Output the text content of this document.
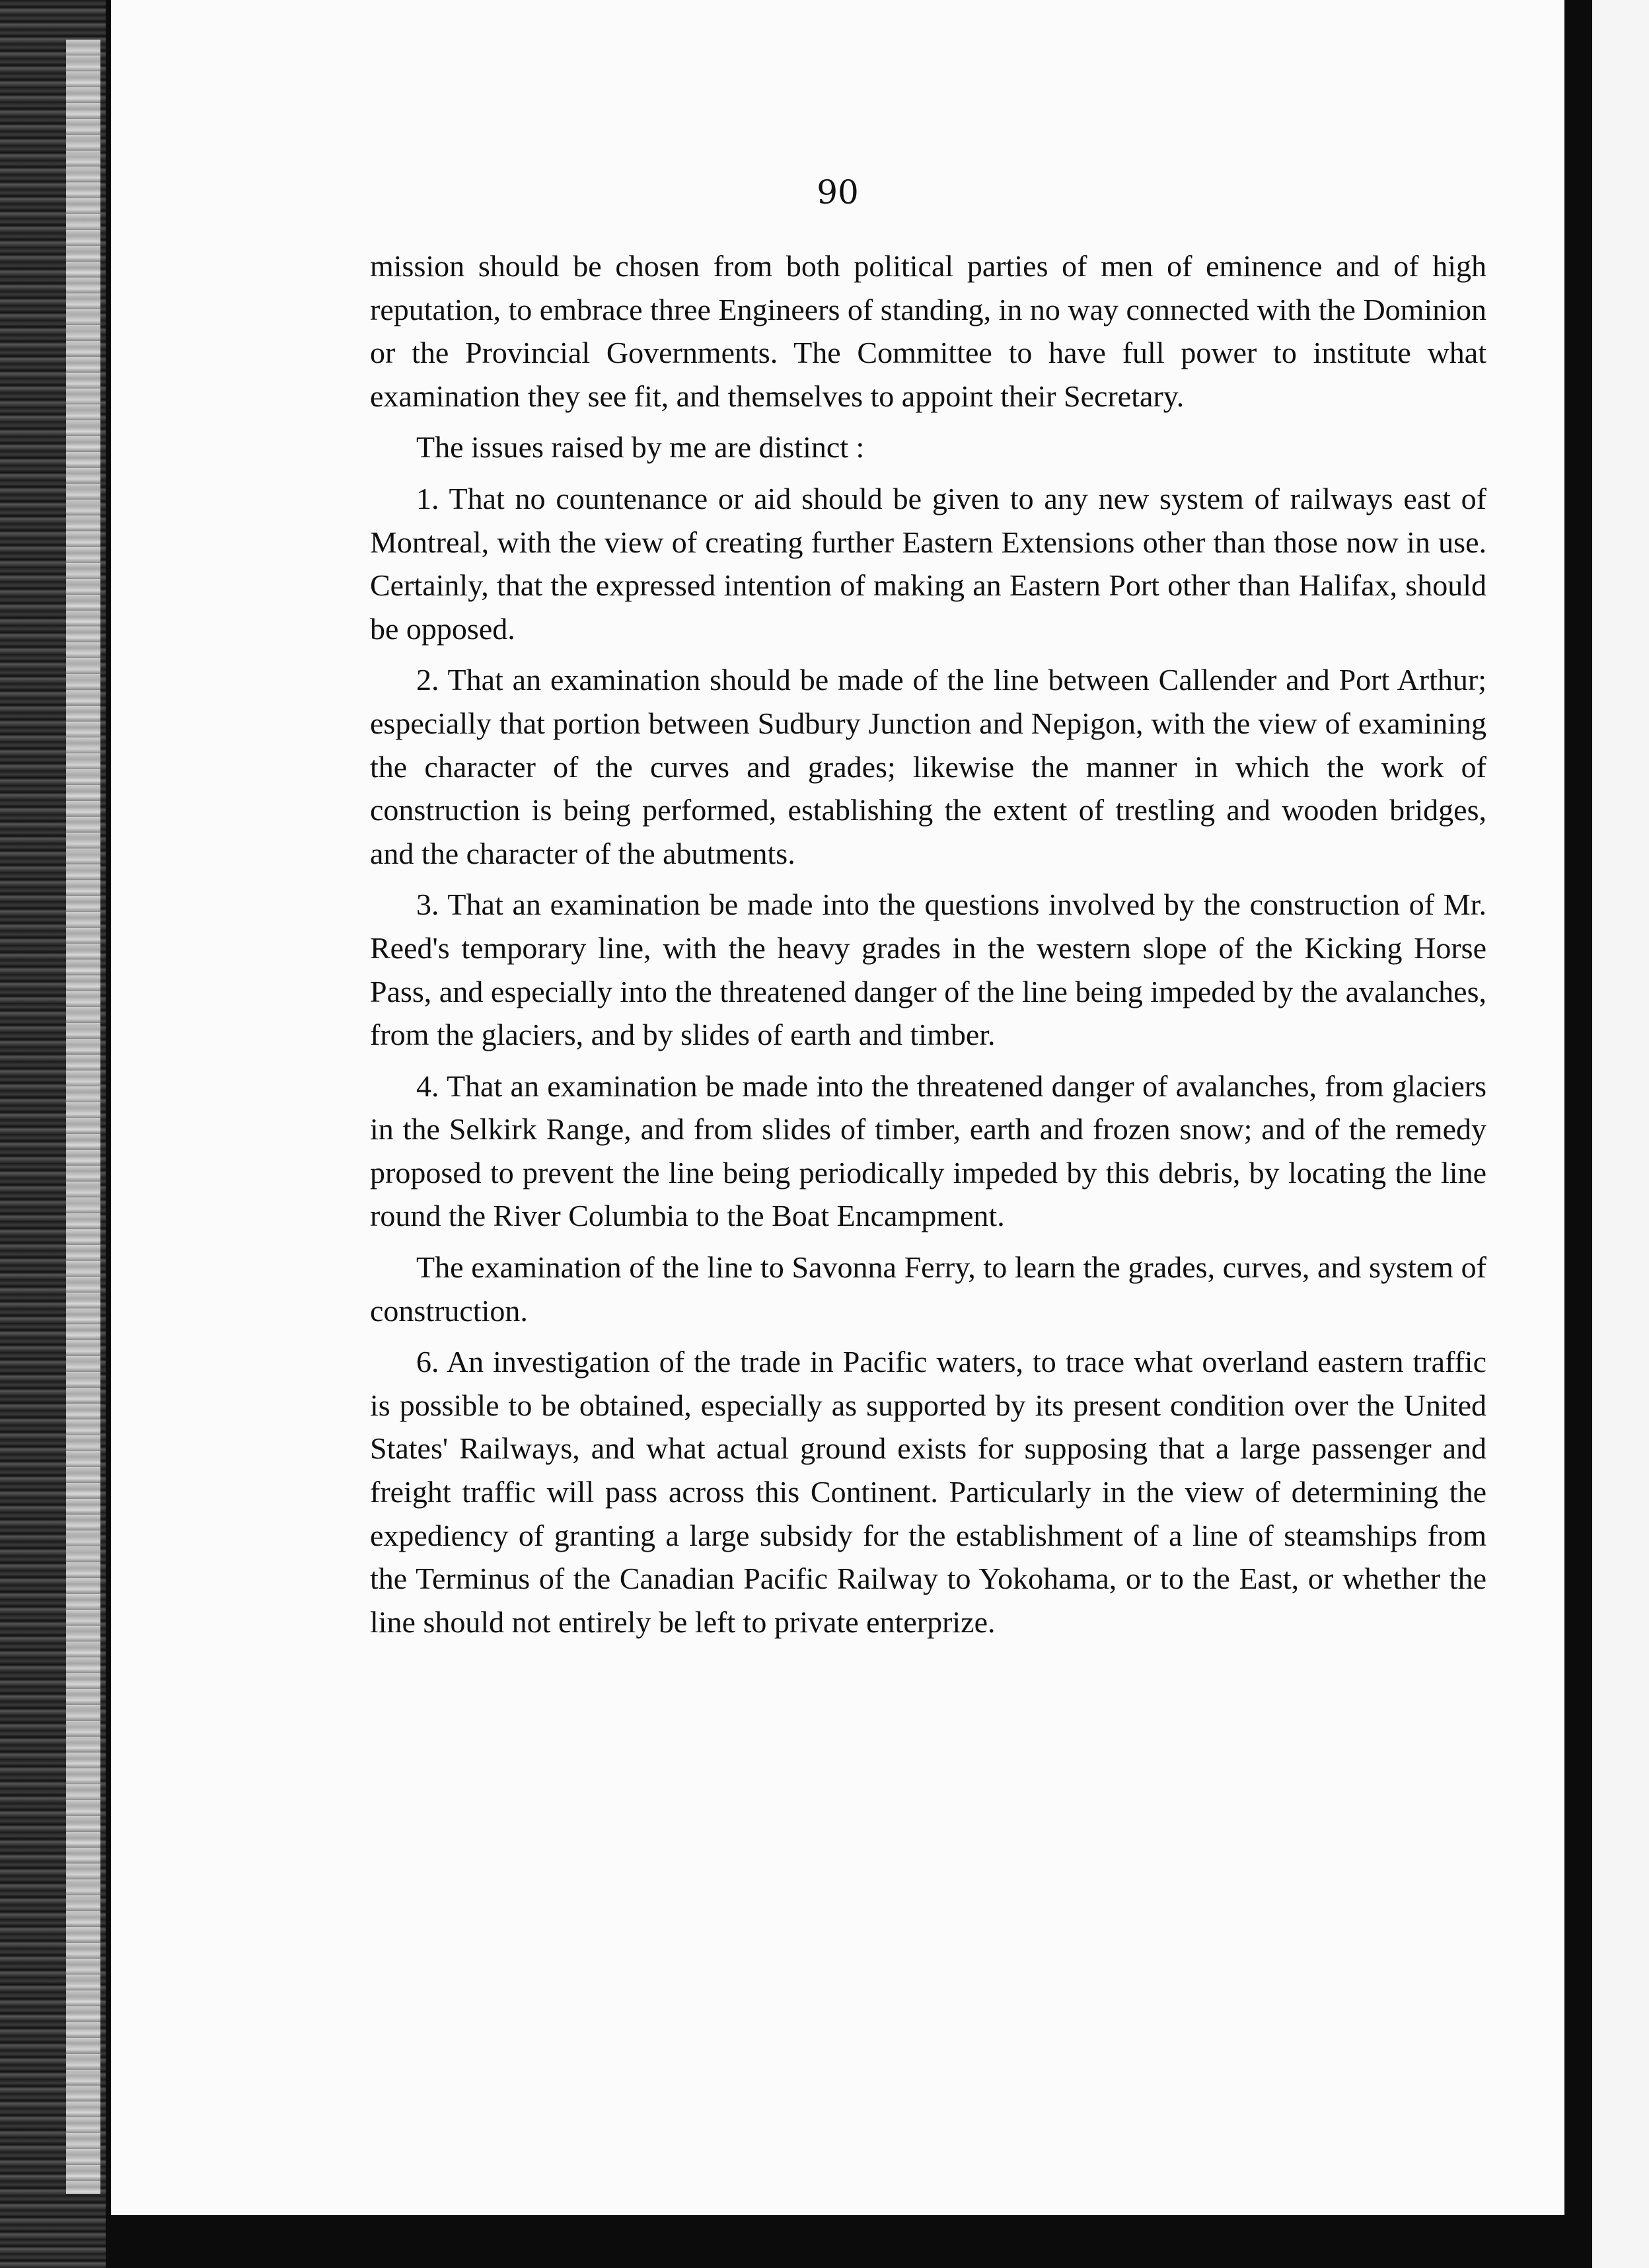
90

mission should be chosen from both political parties of men of eminence and of high reputation, to embrace three Engineers of standing, in no way connected with the Dominion or the Provincial Governments. The Committee to have full power to institute what examination they see fit, and themselves to appoint their Secretary.

The issues raised by me are distinct :

1. That no countenance or aid should be given to any new system of railways east of Montreal, with the view of creating further Eastern Extensions other than those now in use. Certainly, that the expressed intention of making an Eastern Port other than Halifax, should be opposed.

2. That an examination should be made of the line between Callender and Port Arthur; especially that portion between Sudbury Junction and Nepigon, with the view of examining the character of the curves and grades; likewise the manner in which the work of construction is being performed, establishing the extent of trestling and wooden bridges, and the character of the abutments.

3. That an examination be made into the questions involved by the construction of Mr. Reed's temporary line, with the heavy grades in the western slope of the Kicking Horse Pass, and especially into the threatened danger of the line being impeded by the avalanches, from the glaciers, and by slides of earth and timber.

4. That an examination be made into the threatened danger of avalanches, from glaciers in the Selkirk Range, and from slides of timber, earth and frozen snow; and of the remedy proposed to prevent the line being periodically impeded by this debris, by locating the line round the River Columbia to the Boat Encampment.

The examination of the line to Savonna Ferry, to learn the grades, curves, and system of construction.

6. An investigation of the trade in Pacific waters, to trace what overland eastern traffic is possible to be obtained, especially as supported by its present condition over the United States' Railways, and what actual ground exists for supposing that a large passenger and freight traffic will pass across this Continent. Particularly in the view of determining the expediency of granting a large subsidy for the establishment of a line of steamships from the Terminus of the Canadian Pacific Railway to Yokohama, or to the East, or whether the line should not entirely be left to private enterprize.
